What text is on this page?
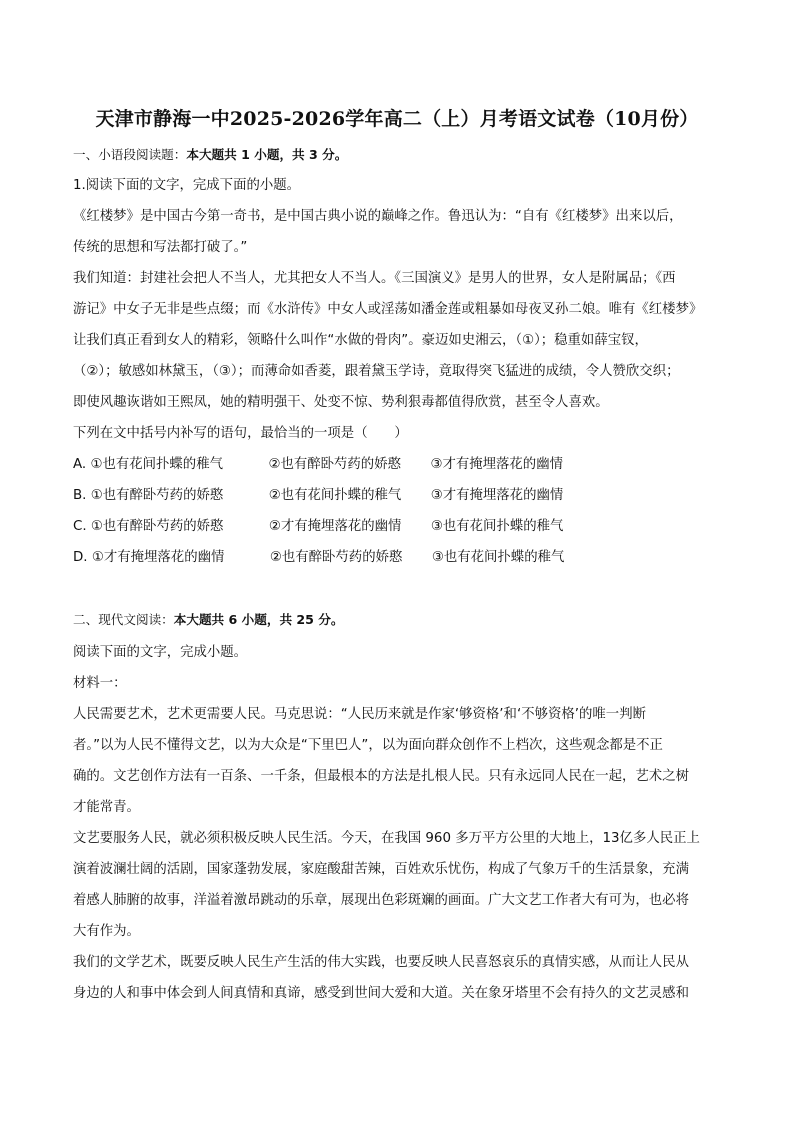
天津市静海一中2025-2026学年高二（上）月考语文试卷（10月份）

一、小语段阅读题：本大题共 1 小题，共 3 分。

1.阅读下面的文字，完成下面的小题。

《红楼梦》是中国古今第一奇书，是中国古典小说的巅峰之作。鲁迅认为：“自有《红楼梦》出来以后，

传统的思想和写法都打破了。”

我们知道：封建社会把人不当人，尤其把女人不当人。《三国演义》是男人的世界，女人是附属品；《西

游记》中女子无非是些点缀；而《水浒传》中女人或淫荡如潘金莲或粗暴如母夜叉孙二娘。唯有《红楼梦》

让我们真正看到女人的精彩，领略什么叫作“水做的骨肉”。豪迈如史湘云，（①）；稳重如薛宝钗，

（②）；敏感如林黛玉，（③）；而薄命如香菱，跟着黛玉学诗，竟取得突飞猛进的成绩，令人赞欣交织；

即使风趣诙谐如王熙凤，她的精明强干、处变不惊、势利狠毒都值得欣赏，甚至令人喜欢。

下列在文中括号内补写的语句，最恰当的一项是（　　）

A. ①也有花间扑蝶的稚气	②也有醉卧芍药的娇憨 ③才有掩埋落花的幽情

B. ①也有醉卧芍药的娇憨	②也有花间扑蝶的稚气 ③才有掩埋落花的幽情

C. ①也有醉卧芍药的娇憨	②才有掩埋落花的幽情 ③也有花间扑蝶的稚气

D. ①才有掩埋落花的幽情	②也有醉卧芍药的娇憨 ③也有花间扑蝶的稚气

二、现代文阅读：本大题共 6 小题，共 25 分。

阅读下面的文字，完成小题。

材料一：

人民需要艺术，艺术更需要人民。马克思说：“人民历来就是作家‘够资格’和‘不够资格’的唯一判断

者。”以为人民不懂得文艺，以为大众是“下里巴人”，以为面向群众创作不上档次，这些观念都是不正

确的。文艺创作方法有一百条、一千条，但最根本的方法是扎根人民。只有永远同人民在一起，艺术之树

才能常青。

文艺要服务人民，就必须积极反映人民生活。今天，在我国 960 多万平方公里的大地上，13亿多人民正上

演着波澜壮阔的活剧，国家蓬勃发展，家庭酸甜苦辣，百姓欢乐忧伤，构成了气象万千的生活景象，充满

着感人肺腑的故事，洋溢着激昂跳动的乐章，展现出色彩斑斓的画面。广大文艺工作者大有可为，也必将

大有作为。

我们的文学艺术，既要反映人民生产生活的伟大实践，也要反映人民喜怒哀乐的真情实感，从而让人民从

身边的人和事中体会到人间真情和真谛，感受到世间大爱和大道。关在象牙塔里不会有持久的文艺灵感和
